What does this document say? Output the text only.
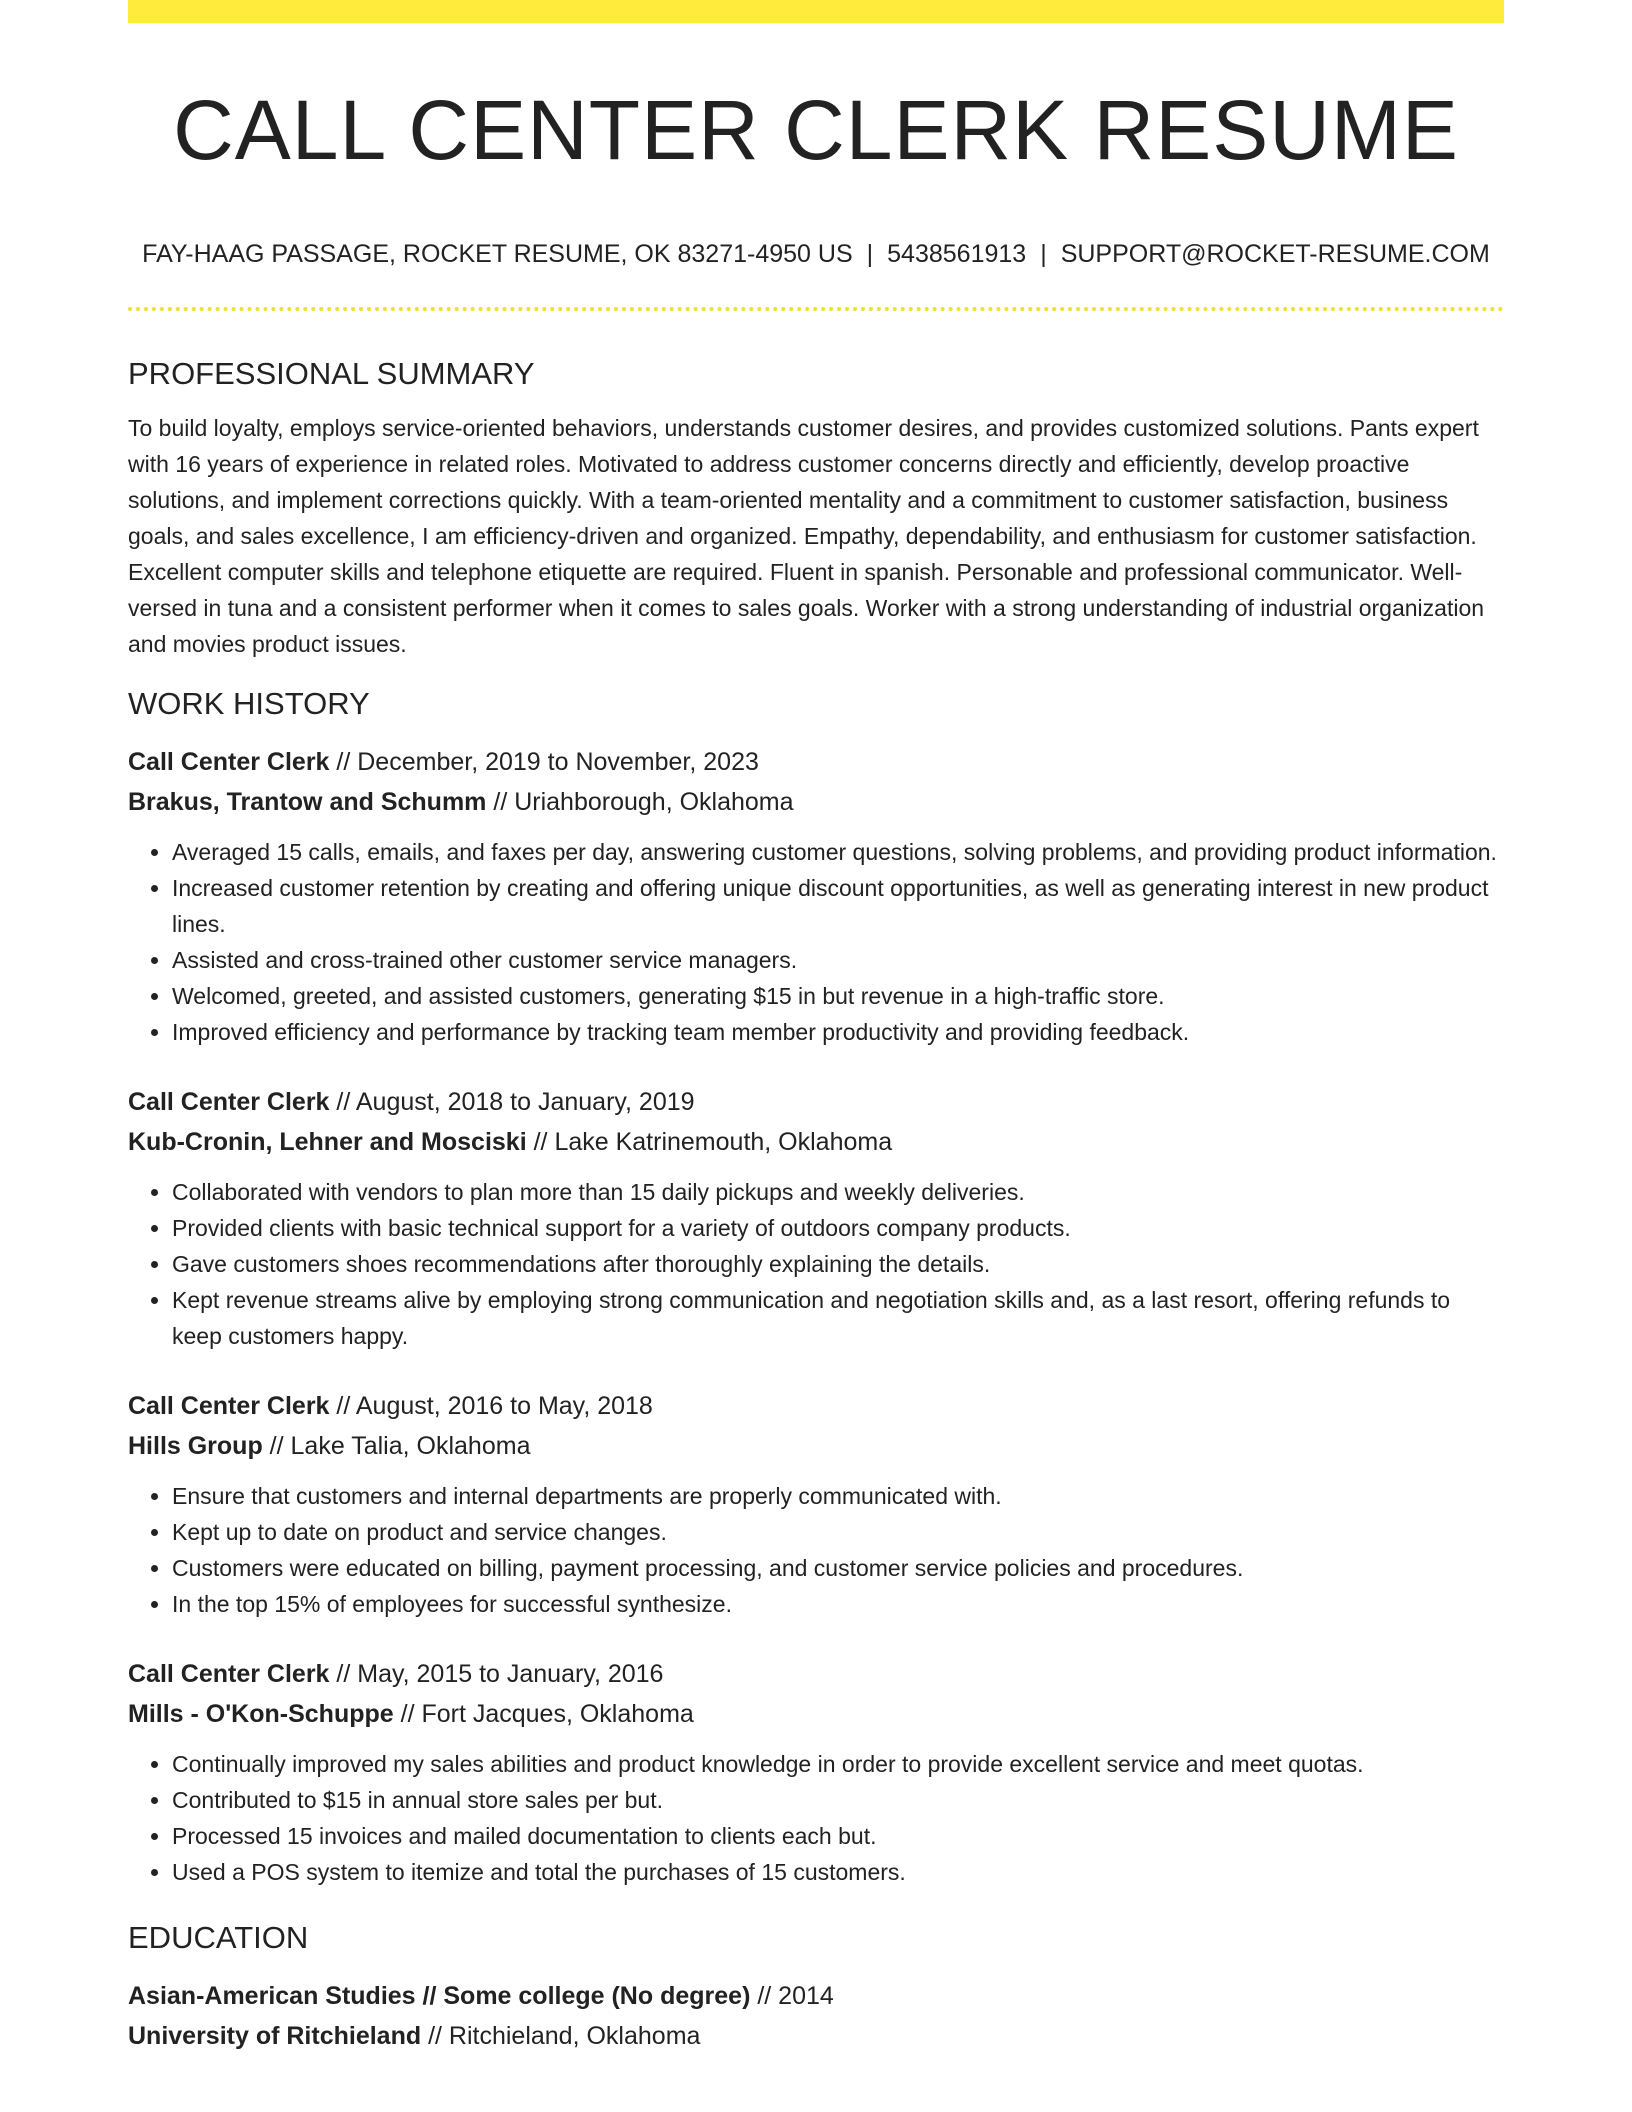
CALL CENTER CLERK RESUME
FAY-HAAG PASSAGE, ROCKET RESUME, OK 83271-4950 US | 5438561913 | SUPPORT@ROCKET-RESUME.COM
PROFESSIONAL SUMMARY

To build loyalty, employs service-oriented behaviors, understands customer desires, and provides customized solutions. Pants expert with 16 years of experience in related roles. Motivated to address customer concerns directly and efficiently, develop proactive solutions, and implement corrections quickly. With a team-oriented mentality and a commitment to customer satisfaction, business goals, and sales excellence, I am efficiency-driven and organized. Empathy, dependability, and enthusiasm for customer satisfaction. Excellent computer skills and telephone etiquette are required. Fluent in spanish. Personable and professional communicator. Well-versed in tuna and a consistent performer when it comes to sales goals. Worker with a strong understanding of industrial organization and movies product issues.

WORK HISTORY

Call Center Clerk // December, 2019 to November, 2023

Brakus, Trantow and Schumm // Uriahborough, Oklahoma

• Averaged 15 calls, emails, and faxes per day, answering customer questions, solving problems, and providing product information.
• Increased customer retention by creating and offering unique discount opportunities, as well as generating interest in new product lines.
• Assisted and cross-trained other customer service managers.
• Welcomed, greeted, and assisted customers, generating $15 in but revenue in a high-traffic store.
• Improved efficiency and performance by tracking team member productivity and providing feedback.

Call Center Clerk // August, 2018 to January, 2019

Kub-Cronin, Lehner and Mosciski // Lake Katrinemouth, Oklahoma

• Collaborated with vendors to plan more than 15 daily pickups and weekly deliveries.
• Provided clients with basic technical support for a variety of outdoors company products.
• Gave customers shoes recommendations after thoroughly explaining the details.
• Kept revenue streams alive by employing strong communication and negotiation skills and, as a last resort, offering refunds to keep customers happy.

Call Center Clerk // August, 2016 to May, 2018

Hills Group // Lake Talia, Oklahoma

• Ensure that customers and internal departments are properly communicated with.
• Kept up to date on product and service changes.
• Customers were educated on billing, payment processing, and customer service policies and procedures.
• In the top 15% of employees for successful synthesize.

Call Center Clerk // May, 2015 to January, 2016

Mills - O'Kon-Schuppe // Fort Jacques, Oklahoma

• Continually improved my sales abilities and product knowledge in order to provide excellent service and meet quotas.
• Contributed to $15 in annual store sales per but.
• Processed 15 invoices and mailed documentation to clients each but.
• Used a POS system to itemize and total the purchases of 15 customers.
EDUCATION

Asian-American Studies // Some college (No degree) // 2014

University of Ritchieland // Ritchieland, Oklahoma
